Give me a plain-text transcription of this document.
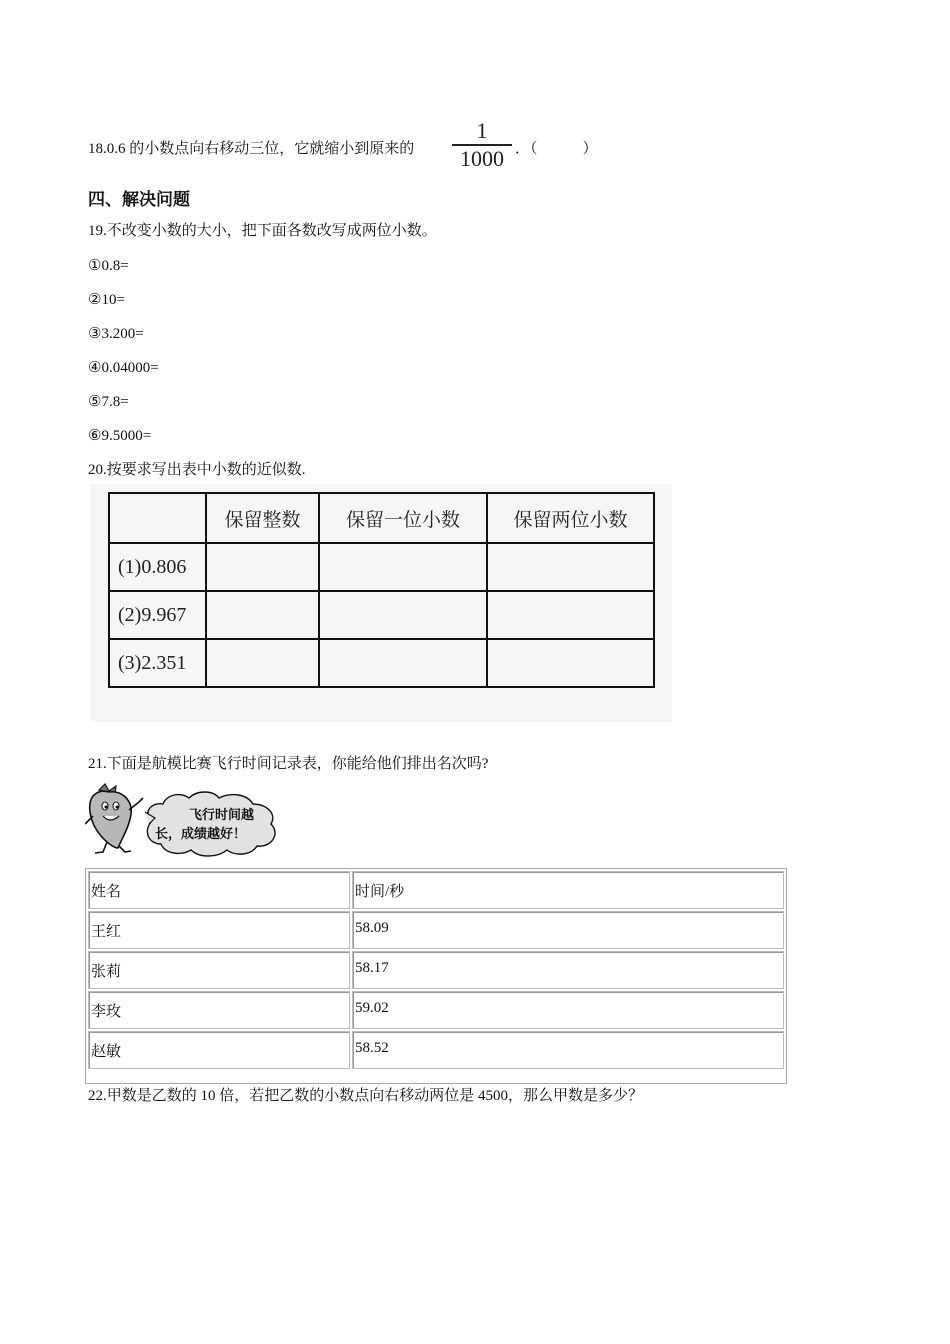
18.0.6 的小数点向右移动三位，它就缩小到原来的
1
1000 ．（　　　）
四、解决问题
19.不改变小数的大小，把下面各数改写成两位小数。
①0.8=
②10=
③3.200=
④0.04000=
⑤7.8=
⑥9.5000=
20.按要求写出表中小数的近似数.
	保留整数	保留一位小数	保留两位小数
(1)0.806			
(2)9.967			
(3)2.351			
21.下面是航模比赛飞行时间记录表，你能给他们排出名次吗?
飞行时间越
长，成绩越好！
姓名	时间/秒
王红	58.09
张莉	58.17
李玫	59.02
赵敏	58.52
22.甲数是乙数的 10 倍，若把乙数的小数点向右移动两位是 4500，那么甲数是多少？
